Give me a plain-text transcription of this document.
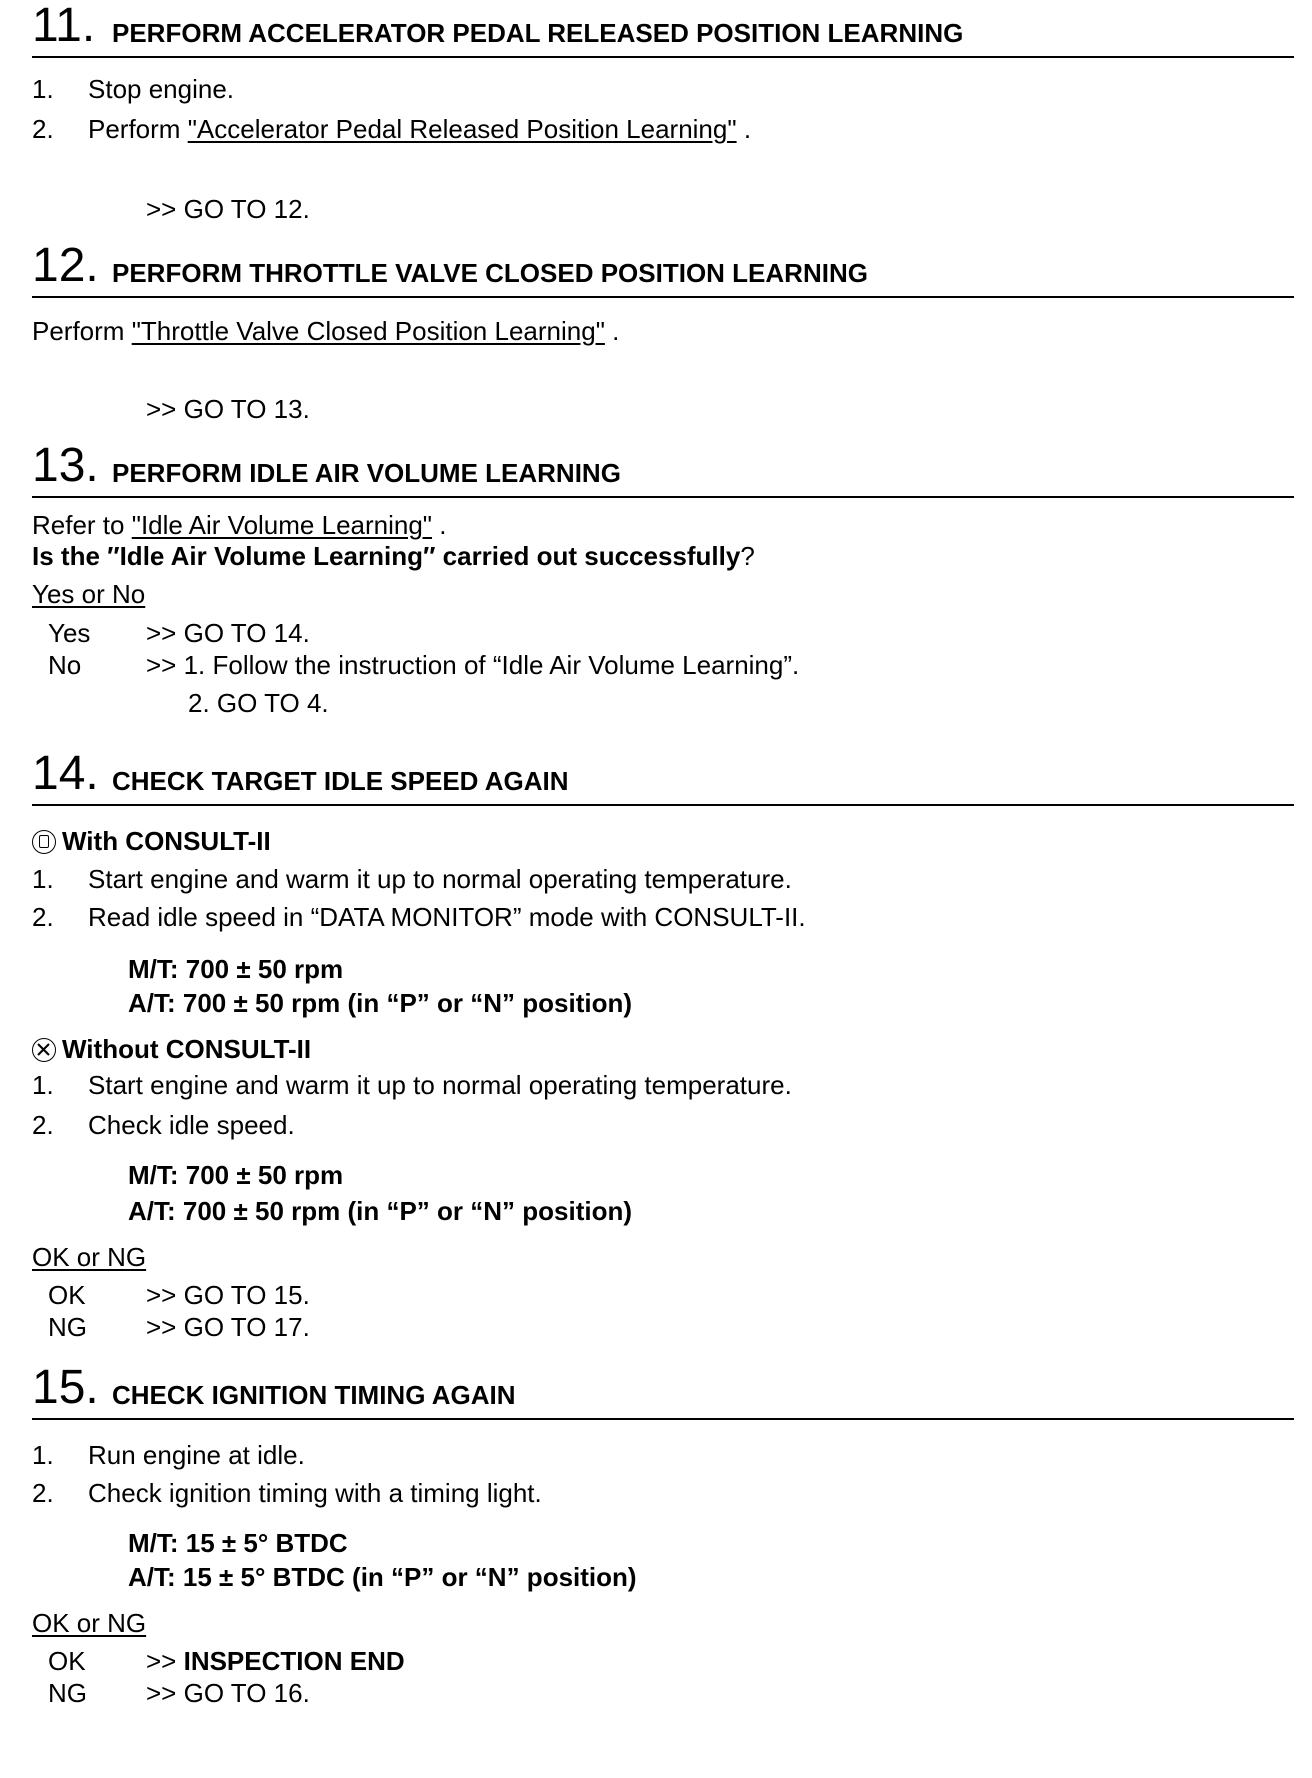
11. PERFORM ACCELERATOR PEDAL RELEASED POSITION LEARNING
1. Stop engine.
2. Perform "Accelerator Pedal Released Position Learning" .
>> GO TO 12.
12. PERFORM THROTTLE VALVE CLOSED POSITION LEARNING
Perform "Throttle Valve Closed Position Learning" .
>> GO TO 13.
13. PERFORM IDLE AIR VOLUME LEARNING
Refer to "Idle Air Volume Learning" .
Is the ″Idle Air Volume Learning″ carried out successfully?
Yes or No
Yes >> GO TO 14.
No >> 1. Follow the instruction of “Idle Air Volume Learning”.
2. GO TO 4.
14. CHECK TARGET IDLE SPEED AGAIN
With CONSULT-II
1. Start engine and warm it up to normal operating temperature.
2. Read idle speed in “DATA MONITOR” mode with CONSULT-II.
M/T: 700 ± 50 rpm
A/T: 700 ± 50 rpm (in “P” or “N” position)
Without CONSULT-II
1. Start engine and warm it up to normal operating temperature.
2. Check idle speed.
M/T: 700 ± 50 rpm
A/T: 700 ± 50 rpm (in “P” or “N” position)
OK or NG
OK >> GO TO 15.
NG >> GO TO 17.
15. CHECK IGNITION TIMING AGAIN
1. Run engine at idle.
2. Check ignition timing with a timing light.
M/T: 15 ± 5° BTDC
A/T: 15 ± 5° BTDC (in “P” or “N” position)
OK or NG
OK >> INSPECTION END
NG >> GO TO 16.
